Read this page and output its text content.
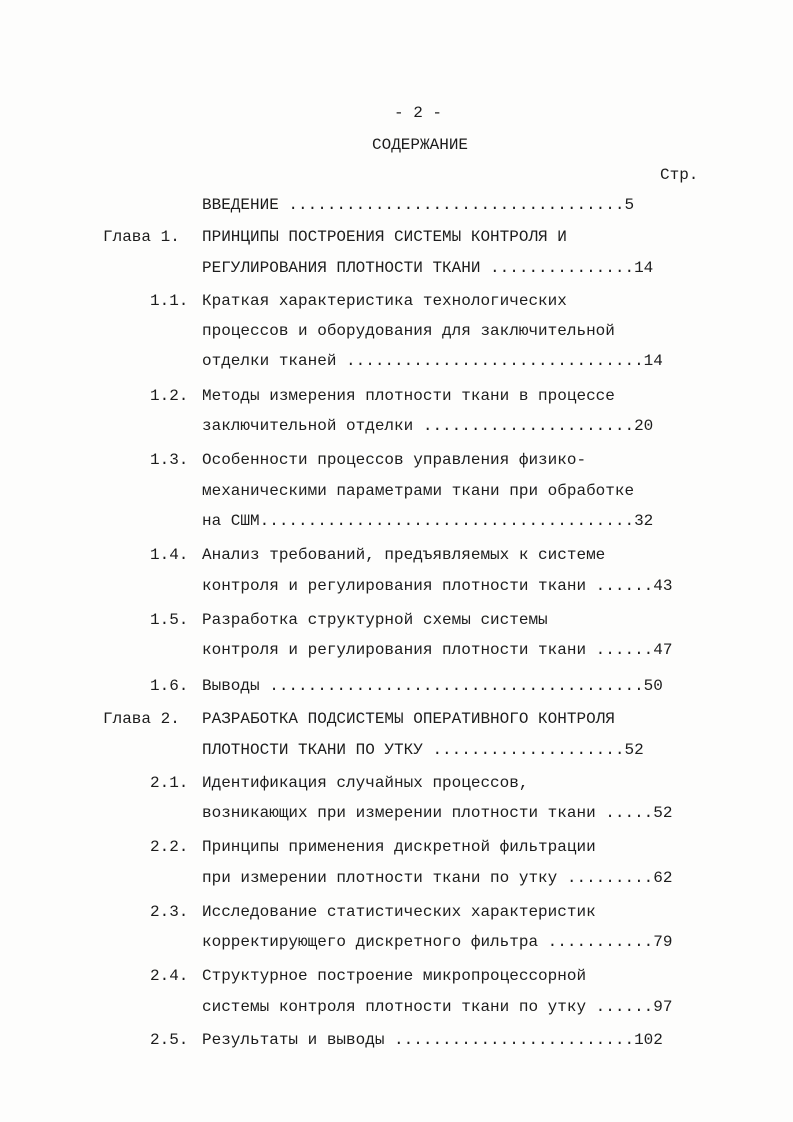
- 2 -
СОДЕРЖАНИЕ
Стр.
ВВЕДЕНИЕ ...................................5
Глава 1. ПРИНЦИПЫ ПОСТРОЕНИЯ СИСТЕМЫ КОНТРОЛЯ И
РЕГУЛИРОВАНИЯ ПЛОТНОСТИ ТКАНИ ...............14
1.1. Краткая характеристика технологических
процессов и оборудования для заключительной
отделки тканей ...............................14
1.2. Методы измерения плотности ткани в процессе
заключительной отделки ......................20
1.3. Особенности процессов управления физико-
механическими параметрами ткани при обработке
на СШМ.......................................32
1.4. Анализ требований, предъявляемых к системе
контроля и регулирования плотности ткани ......43
1.5. Разработка структурной схемы системы
контроля и регулирования плотности ткани ......47
1.6. Выводы .......................................50
Глава 2. РАЗРАБОТКА ПОДСИСТЕМЫ ОПЕРАТИВНОГО КОНТРОЛЯ
ПЛОТНОСТИ ТКАНИ ПО УТКУ ....................52
2.1. Идентификация случайных процессов,
возникающих при измерении плотности ткани .....52
2.2. Принципы применения дискретной фильтрации
при измерении плотности ткани по утку .........62
2.3. Исследование статистических характеристик
корректирующего дискретного фильтра ...........79
2.4. Структурное построение микропроцессорной
системы контроля плотности ткани по утку ......97
2.5. Результаты и выводы .........................102
